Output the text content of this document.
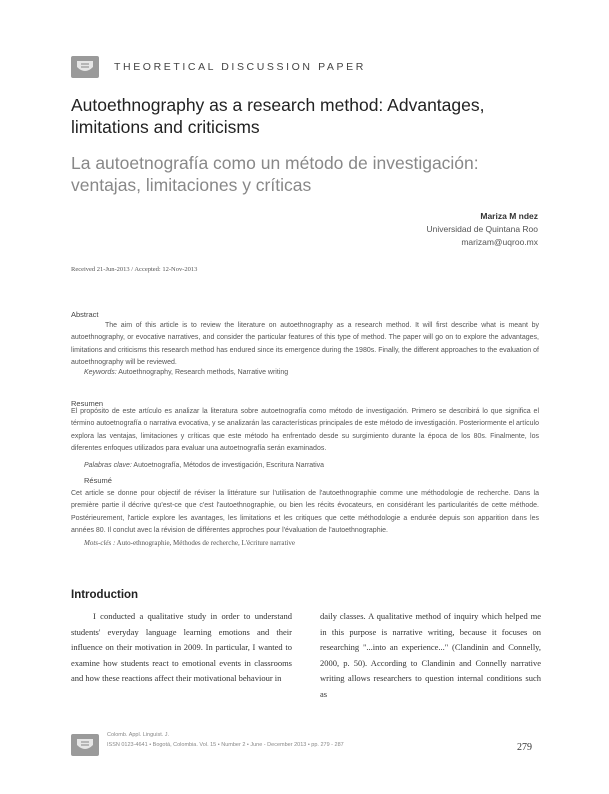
THEORETICAL DISCUSSION PAPER
Autoethnography as a research method: Advantages, limitations and criticisms
La autoetnografía como un método de investigación: ventajas, limitaciones y críticas
Mariza M ndez
Universidad de Quintana Roo
marizam@uqroo.mx
Received 21-Jun-2013 / Accepted: 12-Nov-2013
Abstract
The aim of this article is to review the literature on autoethnography as a research method. It will first describe what is meant by autoethnography, or evocative narratives, and consider the particular features of this type of method. The paper will go on to explore the advantages, limitations and criticisms this research method has endured since its emergence during the 1980s. Finally, the different approaches to the evaluation of autoethnography will be reviewed.
Keywords: Autoethnography, Research methods, Narrative writing
Resumen
El propósito de este artículo es analizar la literatura sobre autoetnografía como método de investigación. Primero se describirá lo que significa el término autoetnografía o narrativa evocativa, y se analizarán las características principales de este método de investigación. Posteriormente el artículo explora las ventajas, limitaciones y críticas que este método ha enfrentado desde su surgimiento durante la época de los 80s. Finalmente, los diferentes enfoques utilizados para evaluar una autoetnografía serán examinados.
Palabras clave: Autoetnografía, Métodos de investigación, Escritura Narrativa
Résumé
Cet article se donne pour objectif de réviser la littérature sur l'utilisation de l'autoethnographie comme une méthodologie de recherche. Dans la première partie il décrive qu'est-ce que c'est l'autoethnographie, ou bien les récits évocateurs, en considérant les particularités de cette méthode. Postérieurement, l'article explore les avantages, les limitations et les critiques que cette méthodologie a endurée depuis son apparition dans les années 80. Il conclut avec la révision de différentes approches pour l'évaluation de l'autoethnographie.
Mots-clés : Auto-ethnographie, Méthodes de recherche, L'écriture narrative
Introduction
I conducted a qualitative study in order to understand students' everyday language learning emotions and their influence on their motivation in 2009. In particular, I wanted to examine how students react to emotional events in classrooms and how these reactions affect their motivational behaviour in
daily classes. A qualitative method of inquiry which helped me in this purpose is narrative writing, because it focuses on researching "...into an experience..." (Clandinin and Connelly, 2000, p. 50). According to Clandinin and Connelly narrative writing allows researchers to question internal conditions such as
Colomb. Appl. Linguist. J.
ISSN 0123-4641 • Bogotá, Colombia. Vol. 15 • Number 2 • June - December 2013 • pp. 279 - 287	279
